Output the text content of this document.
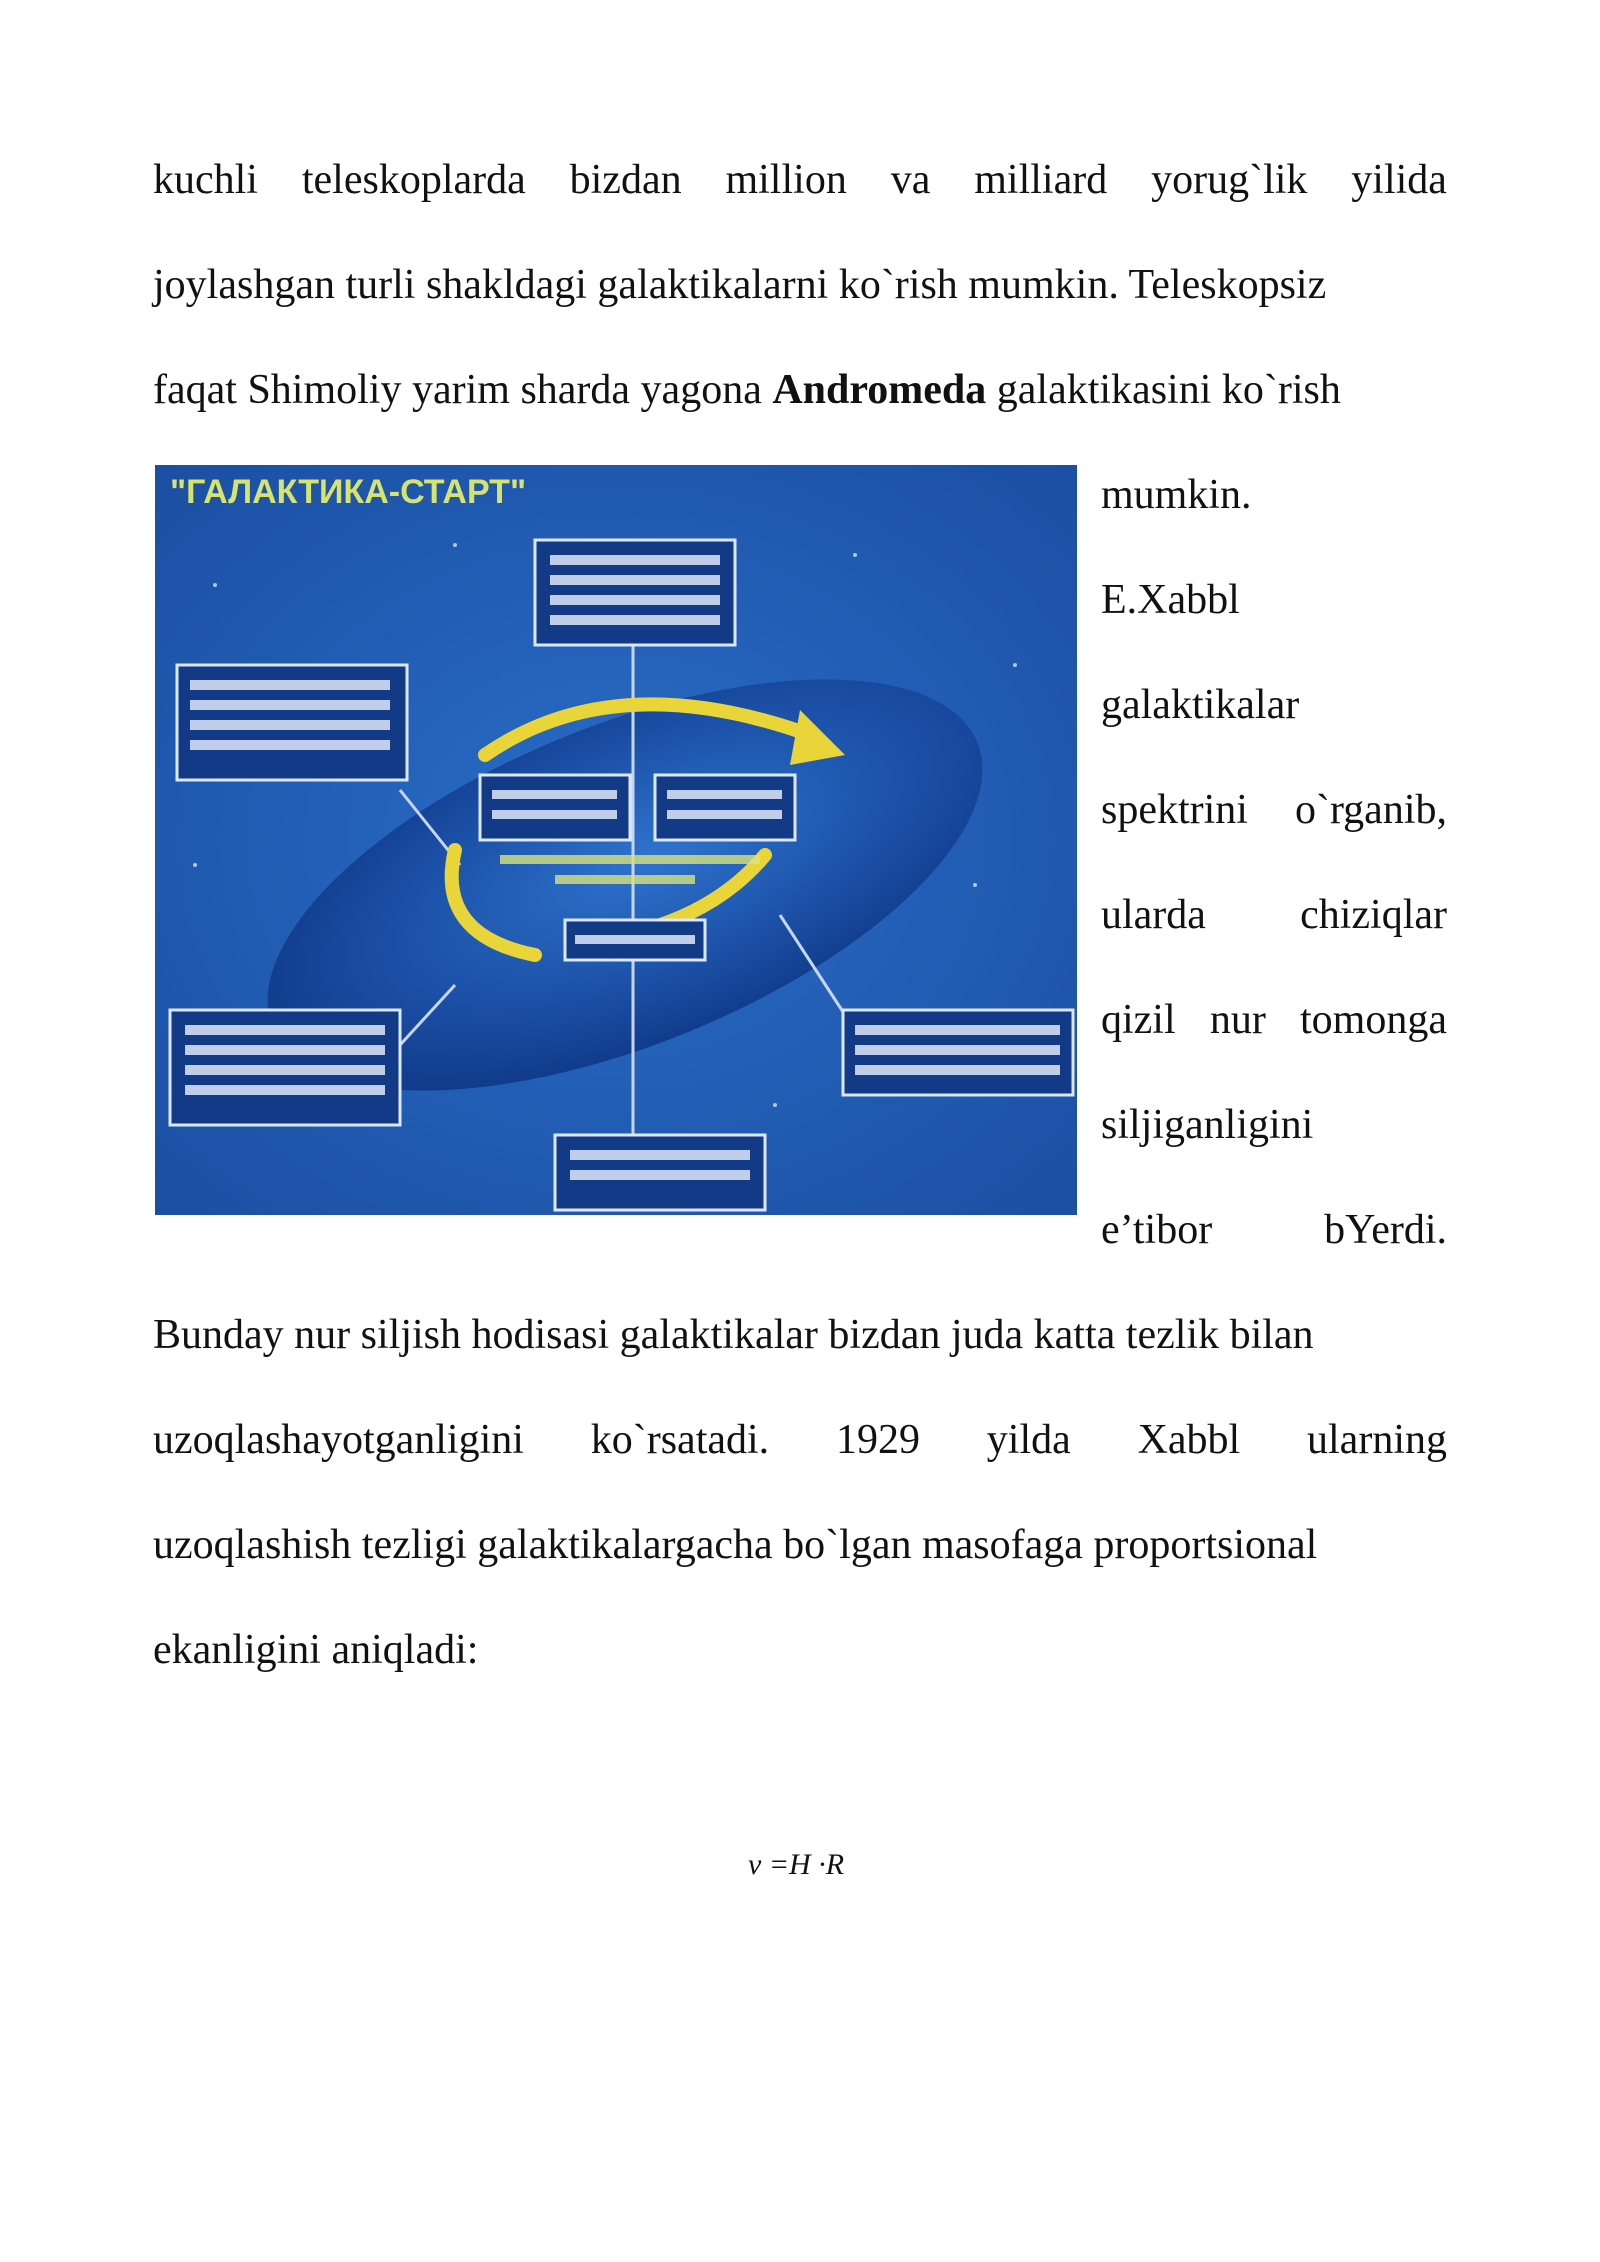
kuchli teleskoplarda bizdan million va milliard yorug`lik yilida
joylashgan turli shakldagi galaktikalarni ko`rish mumkin. Teleskopsiz
faqat Shimoliy yarim sharda yagona Andromeda galaktikasini ko`rish
"ГАЛАКТИКА-СТАРТ"	mumkin.
E.Xabbl
galaktikalar
spektrini o`rganib,
ularda chiziqlar
qizil nur tomonga
siljiganligini
e’tibor	bYerdi.
Bunday nur siljish hodisasi galaktikalar bizdan juda katta tezlik bilan
uzoqlashayotganligini ko`rsatadi. 1929 yilda Xabbl ularning
uzoqlashish tezligi galaktikalargacha bo`lgan masofaga proportsional
ekanligini aniqladi:
v =H ·R
